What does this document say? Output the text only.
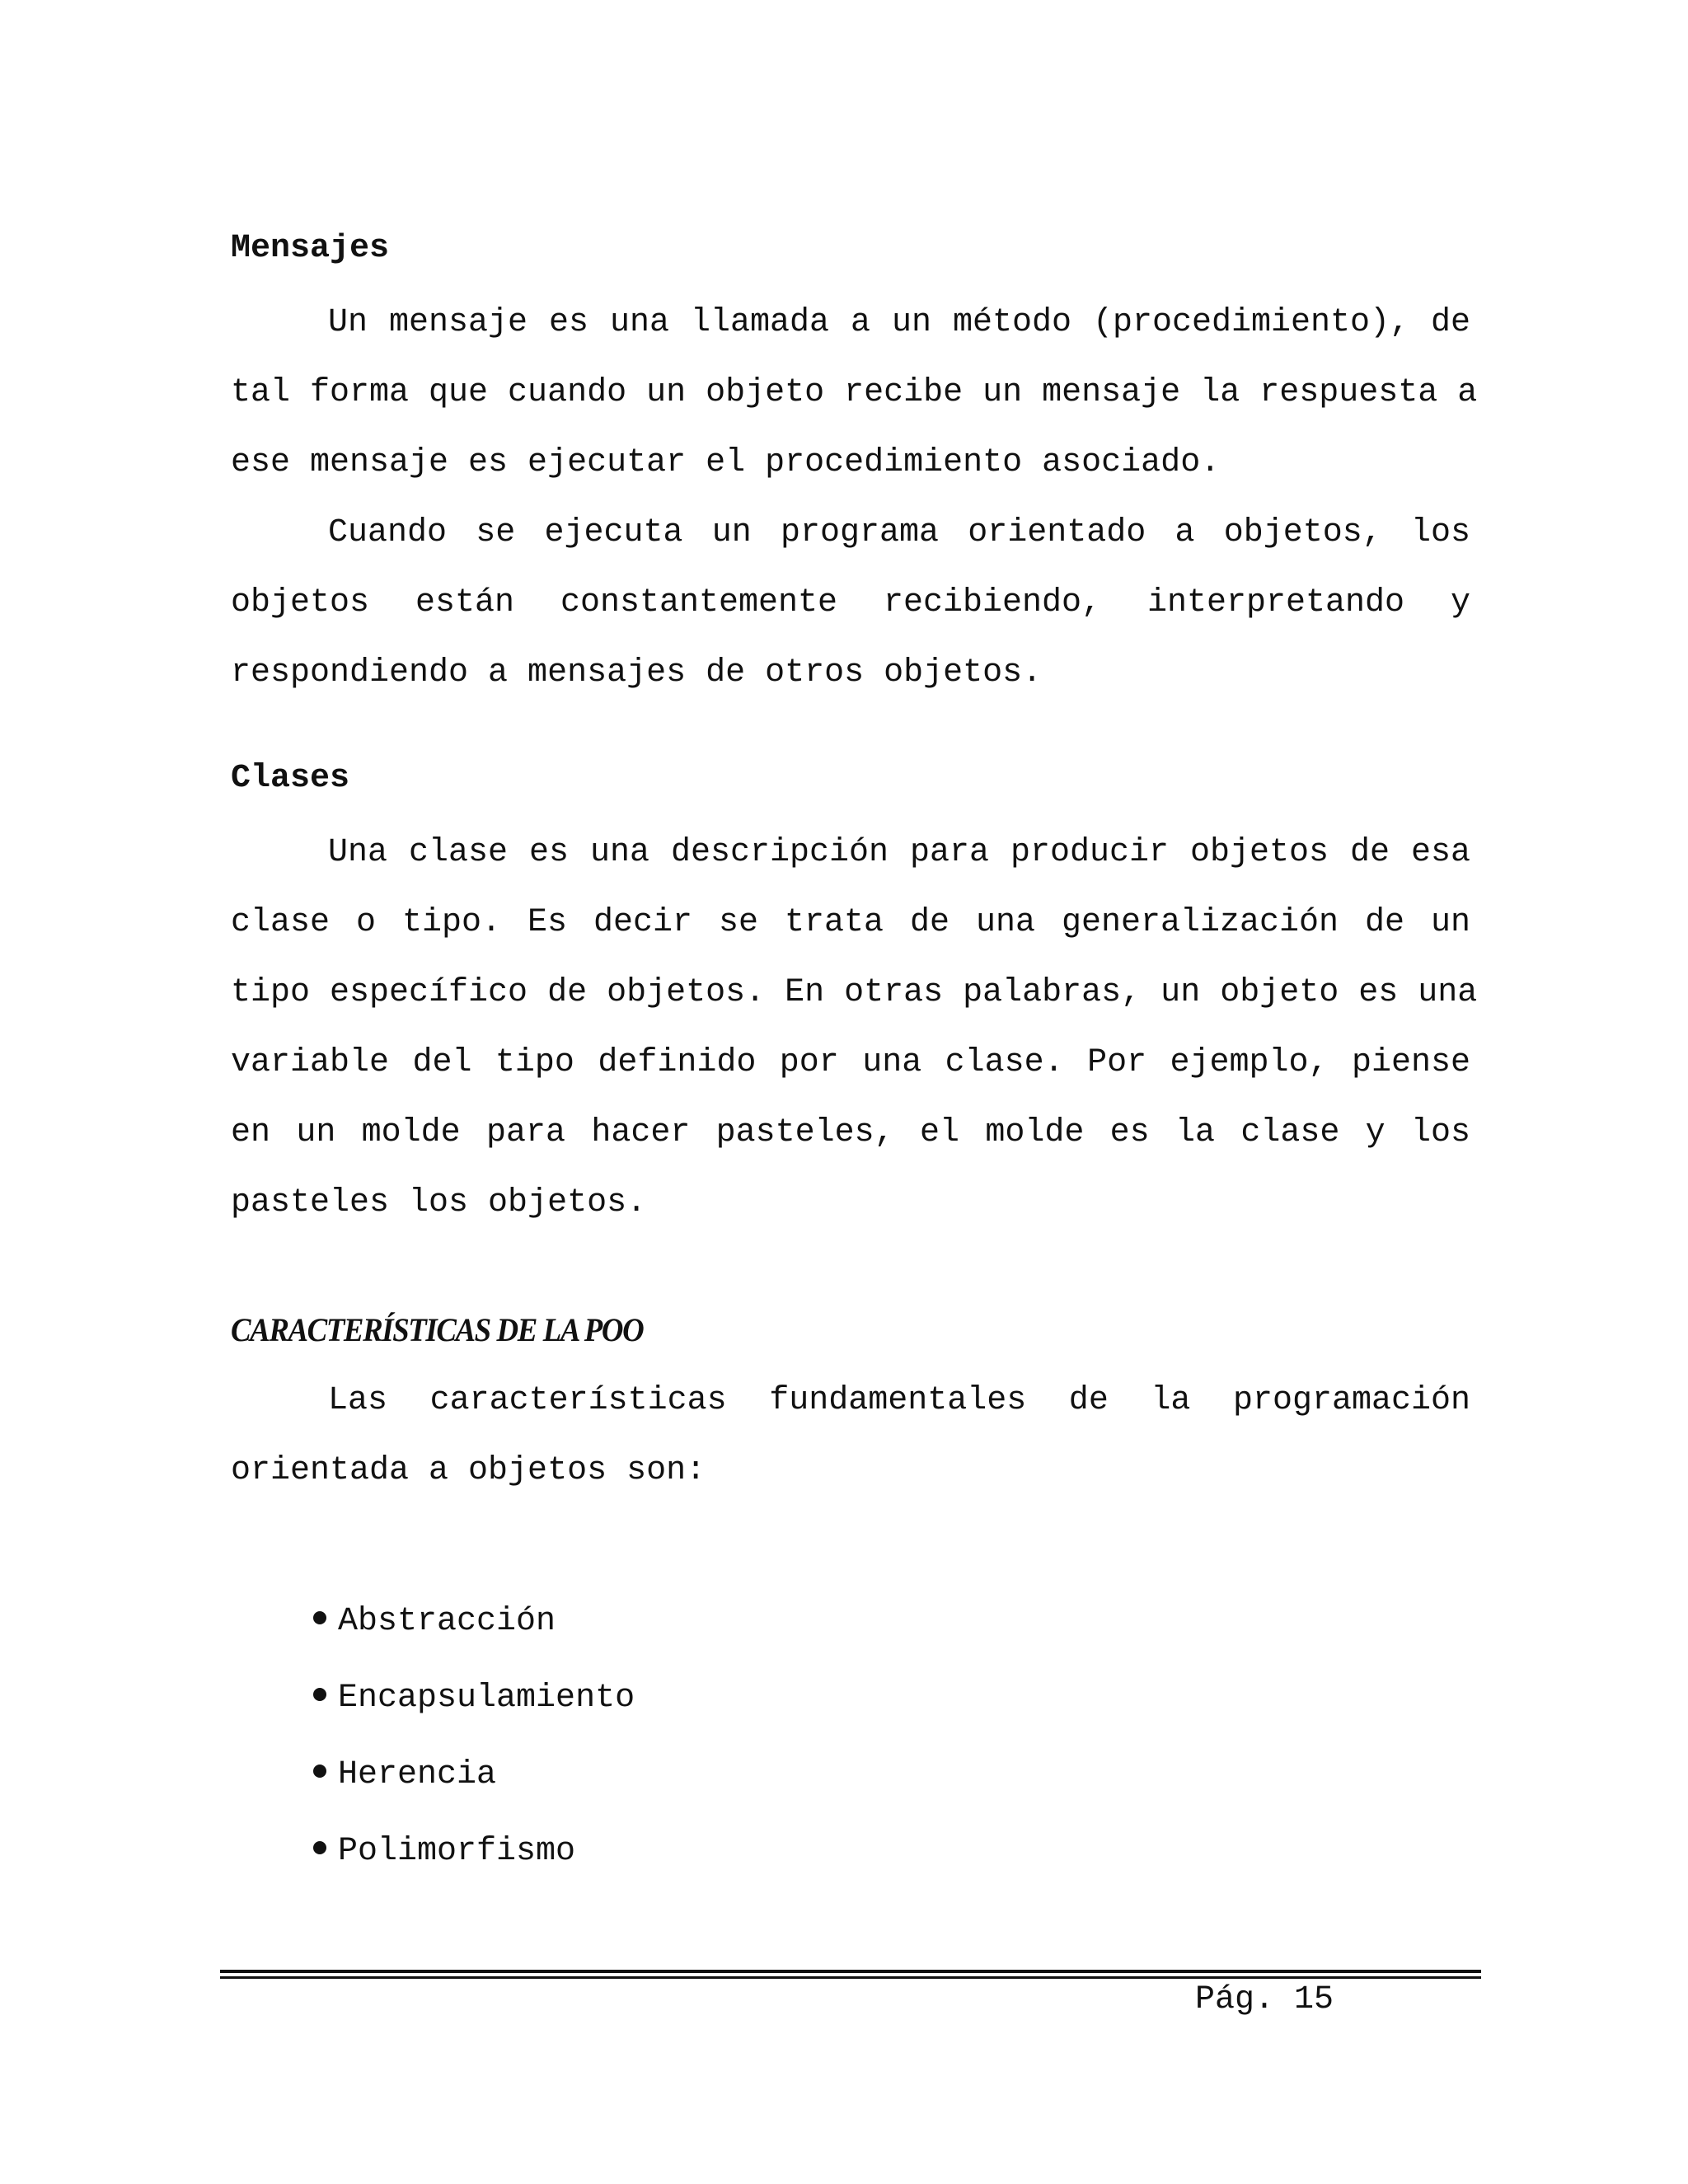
Mensajes
Un mensaje es una llamada a un método (procedimiento), de
tal forma que cuando un objeto recibe un mensaje la respuesta a
ese mensaje es ejecutar el procedimiento asociado.
Cuando se ejecuta un programa orientado a objetos, los
objetos están constantemente recibiendo, interpretando y
respondiendo a mensajes de otros objetos.
Clases
Una clase es una descripción para producir objetos de esa
clase o tipo. Es decir se trata de una generalización de un
tipo específico de objetos. En otras palabras, un objeto es una
variable del tipo definido por una clase. Por ejemplo, piense
en un molde para hacer pasteles, el molde es la clase y los
pasteles los objetos.
CARACTERÍSTICAS DE LA POO
Las características fundamentales de la programación
orientada a objetos son:

Abstracción

Encapsulamiento

Herencia

Polimorfismo

Pág. 15
